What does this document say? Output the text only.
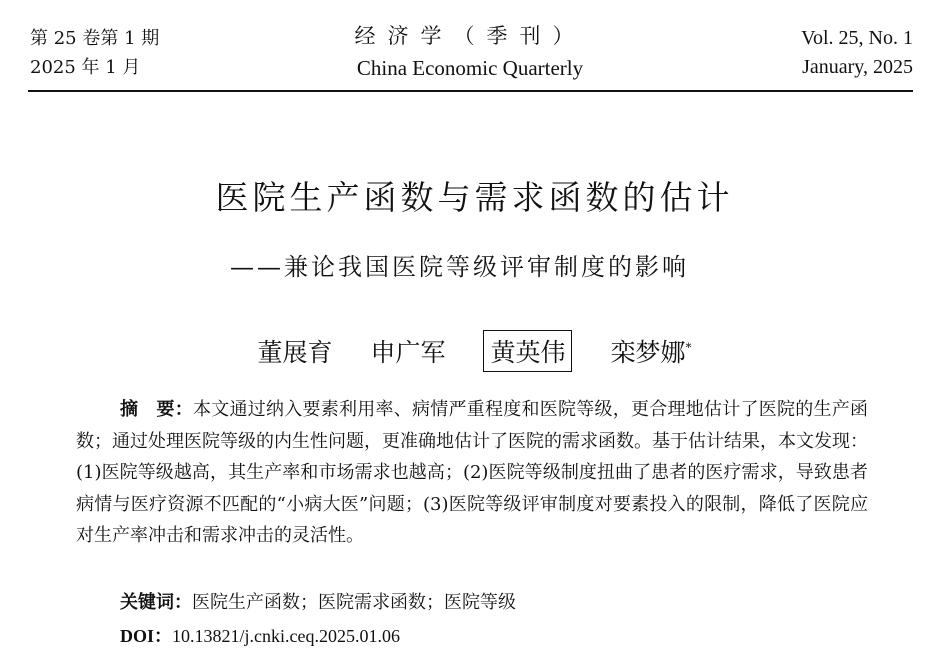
第 25 卷第 1 期
2025 年 1 月
经济学（季刊）
China Economic Quarterly
Vol. 25, No. 1
January, 2025
医院生产函数与需求函数的估计
——兼论我国医院等级评审制度的影响
董展育 申广军 黄英伟 栾梦娜*
摘　要：本文通过纳入要素利用率、病情严重程度和医院等级，更合理地估计了医院的生产函数；通过处理医院等级的内生性问题，更准确地估计了医院的需求函数。基于估计结果，本文发现：(1)医院等级越高，其生产率和市场需求也越高；(2)医院等级制度扭曲了患者的医疗需求，导致患者病情与医疗资源不匹配的“小病大医”问题；(3)医院等级评审制度对要素投入的限制，降低了医院应对生产率冲击和需求冲击的灵活性。
关键词：医院生产函数；医院需求函数；医院等级
DOI：10.13821/j.cnki.ceq.2025.01.06
